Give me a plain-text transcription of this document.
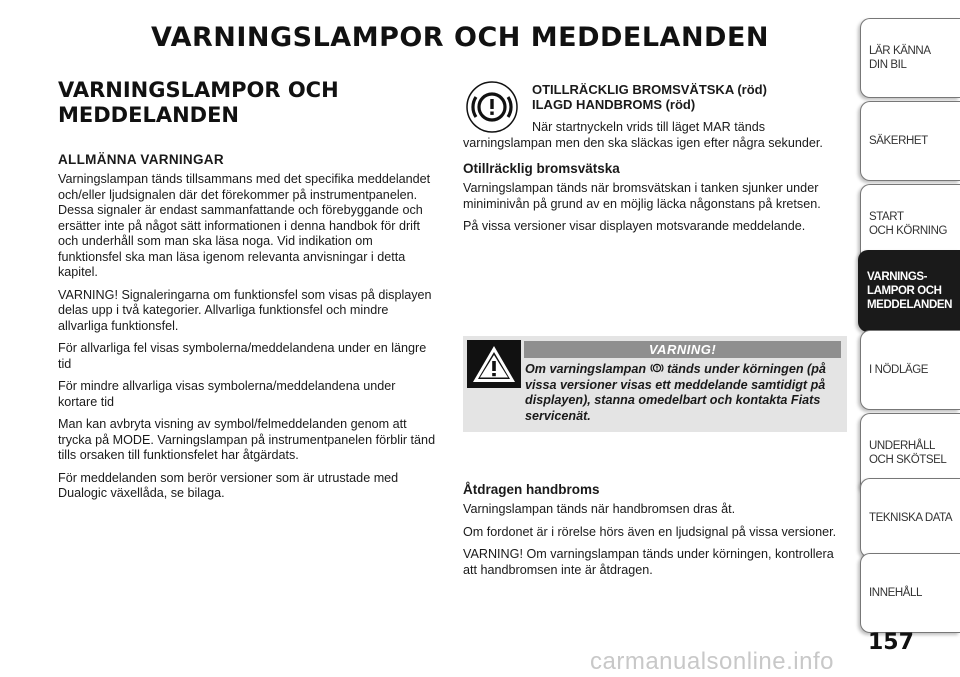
VARNINGSLAMPOR OCH MEDDELANDEN
VARNINGSLAMPOR OCH MEDDELANDEN
ALLMÄNNA VARNINGAR

Varningslampan tänds tillsammans med det specifika meddelandet och/eller ljudsignalen där det förekommer på instrumentpanelen. Dessa signaler är endast sammanfattande och förebyggande och ersätter inte på något sätt informationen i denna handbok för drift och underhåll som man ska läsa noga. Vid indikation om funktionsfel ska man läsa igenom relevanta anvisningar i detta kapitel.

VARNING! Signaleringarna om funktionsfel som visas på displayen delas upp i två kategorier. Allvarliga funktionsfel och mindre allvarliga funktionsfel.

För allvarliga fel visas symbolerna/meddelandena under en längre tid

För mindre allvarliga visas symbolerna/meddelandena under kortare tid

Man kan avbryta visning av symbol/felmeddelanden genom att trycka på MODE. Varningslampan på instrumentpanelen förblir tänd tills orsaken till funktionsfelet har åtgärdats.

För meddelanden som berör versioner som är utrustade med Dualogic växellåda, se bilaga.

OTILLRÄCKLIG BROMSVÄTSKA (röd)
ILAGD HANDBROMS (röd)

När startnyckeln vrids till läget MAR tänds varningslampan men den ska släckas igen efter några sekunder.

Otillräcklig bromsvätska

Varningslampan tänds när bromsvätskan i tanken sjunker under miniminivån på grund av en möjlig läcka någonstans på kretsen.

På vissa versioner visar displayen motsvarande meddelande.

VARNING!
Om varningslampan tänds under körningen (på vissa versioner visas ett meddelande samtidigt på displayen), stanna omedelbart och kontakta Fiats servicenät.
Åtdragen handbroms

Varningslampan tänds när handbromsen dras åt.

Om fordonet är i rörelse hörs även en ljudsignal på vissa versioner.

VARNING! Om varningslampan tänds under körningen, kontrollera att handbromsen inte är åtdragen.

LÄR KÄNNA
DIN BIL
SÄKERHET
START
OCH KÖRNING
VARNINGS-
LAMPOR OCH
MEDDELANDEN
I NÖDLÄGE
UNDERHÅLL
OCH SKÖTSEL
TEKNISKA DATA
INNEHÅLL
157
carmanualsonline.info
